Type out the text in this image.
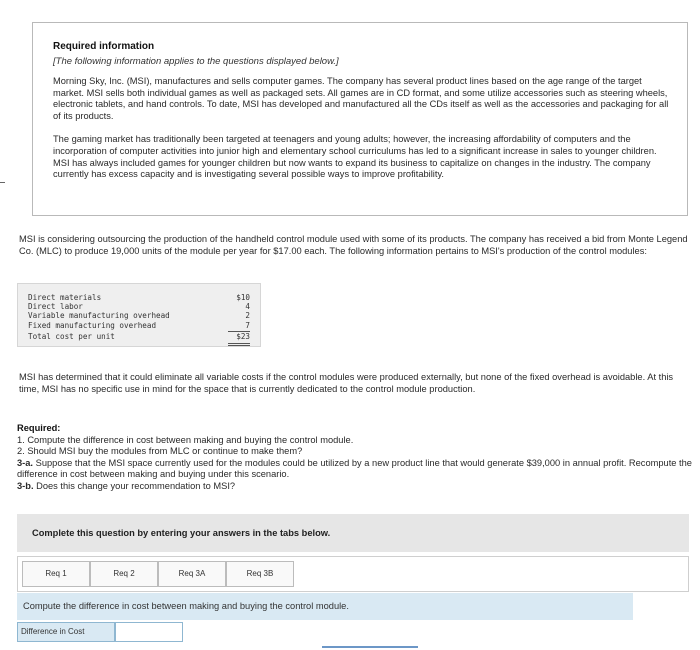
Required information
[The following information applies to the questions displayed below.]

Morning Sky, Inc. (MSI), manufactures and sells computer games. The company has several product lines based on the age range of the target market. MSI sells both individual games as well as packaged sets. All games are in CD format, and some utilize accessories such as steering wheels, electronic tablets, and hand controls. To date, MSI has developed and manufactured all the CDs itself as well as the accessories and packaging for all of its products.

The gaming market has traditionally been targeted at teenagers and young adults; however, the increasing affordability of computers and the incorporation of computer activities into junior high and elementary school curriculums has led to a significant increase in sales to younger children. MSI has always included games for younger children but now wants to expand its business to capitalize on changes in the industry. The company currently has excess capacity and is investigating several possible ways to improve profitability.

MSI is considering outsourcing the production of the handheld control module used with some of its products. The company has received a bid from Monte Legend Co. (MLC) to produce 19,000 units of the module per year for $17.00 each. The following information pertains to MSI's production of the control modules:

Direct materials	$10
Direct labor	4
Variable manufacturing overhead	2
Fixed manufacturing overhead	7
Total cost per unit	$23

MSI has determined that it could eliminate all variable costs if the control modules were produced externally, but none of the fixed overhead is avoidable. At this time, MSI has no specific use in mind for the space that is currently dedicated to the control module production.

Required:
1. Compute the difference in cost between making and buying the control module.
2. Should MSI buy the modules from MLC or continue to make them?
3-a. Suppose that the MSI space currently used for the modules could be utilized by a new product line that would generate $39,000 in annual profit. Recompute the difference in cost between making and buying under this scenario.
3-b. Does this change your recommendation to MSI?
Complete this question by entering your answers in the tabs below.
Req 1	Req 2	Req 3A	Req 3B
Compute the difference in cost between making and buying the control module.
Difference in Cost
